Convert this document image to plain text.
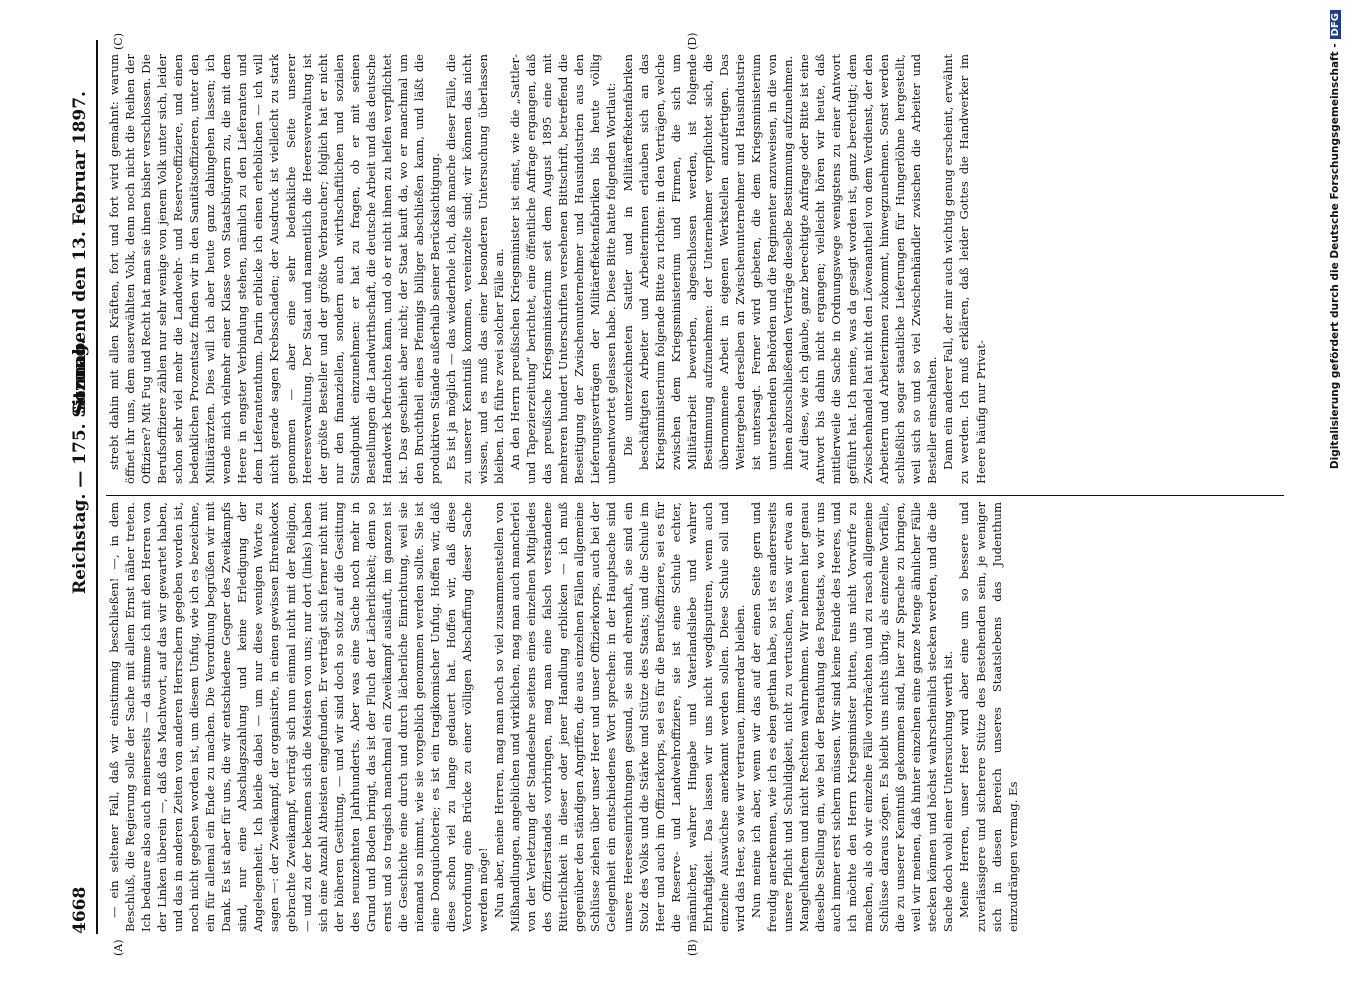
4668
Reichstag. — 175. Sitzung.
Sonnabend den 13. Februar 1897.
(A)	(B)
(C)	(D)

— ein seltener Fall, daß wir einstimmig beschließen! —, in dem Beschluß, die Regierung solle der Sache mit allem Ernst näher treten. Ich bedaure also auch meinerseits — da stimme ich mit den Herren von der Linken überein —, daß das Machtwort, auf das wir gewartet haben, und das in anderen Zeiten von anderen Herrschern gegeben worden ist, noch nicht gegeben worden ist, um diesem Unfug, wie ich es bezeichne, ein für allemal ein Ende zu machen. Die Verordnung begrüßen wir mit Dank. Es ist aber für uns, die wir entschiedene Gegner des Zweikampfs sind, nur eine Abschlagszahlung und keine Erledigung der Angelegenheit. Ich bleibe dabei — um nur diese wenigen Worte zu sagen —: der Zweikampf, der organisirte, in einen gewissen Ehrenkodex gebrachte Zweikampf, verträgt sich nun einmal nicht mit der Religion, — und zu der bekennen sich die Meisten von uns; nur dort (links) haben sich eine Anzahl Atheisten eingefunden. Er verträgt sich ferner nicht mit der höheren Gesittung, — und wir sind doch so stolz auf die Gesittung des neunzehnten Jahrhunderts. Aber was eine Sache noch mehr in Grund und Boden bringt, das ist der Fluch der Lächerlichkeit; denn so ernst und so tragisch manchmal ein Zweikampf ausläuft, im ganzen ist die Geschichte eine durch und durch lächerliche Einrichtung, weil sie niemand so nimmt, wie sie vorgeblich genommen werden sollte. Sie ist eine Donquichoterie; es ist ein tragikomischer Unfug. Hoffen wir, daß diese schon viel zu lange gedauert hat. Hoffen wir, daß diese Verordnung eine Brücke zu einer völligen Abschaffung dieser Sache werden möge! Nun aber, meine Herren, mag man noch so viel zusammenstellen von Mißhandlungen, angeblichen und wirklichen, mag man auch mancherlei von der Verletzung der Standesehre seitens eines einzelnen Mitgliedes des Offizierstandes vorbringen, mag man eine falsch verstandene Ritterlichkeit in dieser oder jener Handlung erblicken — ich muß gegenüber den ständigen Angriffen, die aus einzelnen Fällen allgemeine Schlüsse ziehen über unser Heer und unser Offizierkorps, auch bei der Gelegenheit ein entschiedenes Wort sprechen: in der Hauptsache sind unsere Heereseinrichtungen gesund, sie sind ehrenhaft, sie sind ein Stolz des Volks und die Stärke und Stütze des Staats; und die Schule im Heer und auch im Offizierkorps, sei es für die Berufsoffiziere, sei es für die Reserve- und Landwehroffiziere, sie ist eine Schule echter, männlicher, wahrer Hingabe und Vaterlandsliebe und wahrer Ehrhaftigkeit. Das lassen wir uns nicht wegdisputiren, wenn auch einzelne Auswüchse anerkannt werden sollen. Diese Schule soll und wird das Heer, so wie wir vertrauen, immerdar bleiben. Nun meine ich aber, wenn wir das auf der einen Seite gern und freudig anerkennen, wie ich es eben gethan habe, so ist es andererseits unsere Pflicht und Schuldigkeit, nicht zu vertuschen, was wir etwa an Mangelhaftem und nicht Rechtem wahrnehmen. Wir nehmen hier genau dieselbe Stellung ein, wie bei der Berathung des Postetats, wo wir uns auch immer erst sichern müssen. Wir sind keine Feinde des Heeres, und ich möchte den Herrn Kriegsminister bitten, uns nicht Vorwürfe zu machen, als ob wir einzelne Fälle vorbrächten und zu rasch allgemeine Schlüsse daraus zögen. Es bleibt uns nichts übrig, als einzelne Vorfälle, die zu unserer Kenntniß gekommen sind, hier zur Sprache zu bringen, weil wir meinen, daß hinter einzelnen eine ganze Menge ähnlicher Fälle stecken können und höchst wahrscheinlich stecken werden, und die die Sache doch wohl einer Untersuchung werth ist. Meine Herren, unser Heer wird aber eine um so bessere und zuverlässigere und sicherere Stütze des Bestehenden sein, je weniger sich in diesen Bereich unseres Staatslebens das Judenthum einzudrängen vermag. Es

strebt dahin mit allen Kräften, fort und fort wird gemahnt: warum öffnet ihr uns, dem auserwählten Volk, denn noch nicht die Reihen der Offiziere? Mit Fug und Recht hat man sie ihnen bisher verschlossen. Die Berufsoffiziere zählen nur sehr wenige von jenem Volk unter sich, leider schon sehr viel mehr die Landwehr- und Reserveoffiziere, und einen bedenklichen Prozentsatz finden wir in den Sanitätsoffizieren, unter den Militärärzten. Dies will ich aber heute ganz dahingehen lassen; ich wende mich vielmehr einer Klasse von Staatsbürgern zu, die mit dem Heere in engster Verbindung stehen, nämlich zu den Lieferanten und dem Lieferantenthum. Darin erblicke ich einen erheblichen — ich will nicht gerade sagen Krebsschaden; der Ausdruck ist vielleicht zu stark genommen — aber eine sehr bedenkliche Seite unserer Heeresverwaltung. Der Staat und namentlich die Heeresverwaltung ist der größte Besteller und der größte Verbraucher; folglich hat er nicht nur den finanziellen, sondern auch wirthschaftlichen und sozialen Standpunkt einzunehmen: er hat zu fragen, ob er mit seinen Bestellungen die Landwirthschaft, die deutsche Arbeit und das deutsche Handwerk befruchten kann, und ob er nicht ihnen zu helfen verpflichtet ist. Das geschieht aber nicht; der Staat kauft da, wo er manchmal um den Bruchtheil eines Pfennigs billiger abschließen kann, und läßt die produktiven Stände außerhalb seiner Berücksichtigung. Es ist ja möglich — das wiederhole ich, daß manche dieser Fälle, die zu unserer Kenntniß kommen, vereinzelte sind; wir können das nicht wissen, und es muß das einer besonderen Untersuchung überlassen bleiben. Ich führe zwei solcher Fälle an. An den Herrn preußischen Kriegsminister ist einst, wie die „Sattler- und Tapezierzeitung“ berichtet, eine öffentliche Anfrage ergangen, daß das preußische Kriegsministerium seit dem August 1895 eine mit mehreren hundert Unterschriften versehenen Bittschrift, betreffend die Beseitigung der Zwischenunternehmer und Hausindustrien aus den Lieferungsverträgen der Militäreffektenfabriken bis heute völlig unbeantwortet gelassen habe. Diese Bitte hatte folgenden Wortlaut: Die unterzeichneten Sattler und in Militäreffektenfabriken beschäftigten Arbeiter und Arbeiterinnen erlauben sich an das Kriegsministerium folgende Bitte zu richten: in den Verträgen, welche zwischen dem Kriegsministerium und Firmen, die sich um Militärarbeit bewerben, abgeschlossen werden, ist folgende Bestimmung aufzunehmen: der Unternehmer verpflichtet sich, die übernommene Arbeit in eigenen Werkstellen anzufertigen. Das Weitergeben derselben an Zwischenunternehmer und Hausindustrie ist untersagt. Ferner wird gebeten, die dem Kriegsministerium unterstehenden Behörden und die Regimenter anzuweisen, in die von ihnen abzuschließenden Verträge dieselbe Bestimmung aufzunehmen. Auf diese, wie ich glaube, ganz berechtigte Anfrage oder Bitte ist eine Antwort bis dahin nicht ergangen; vielleicht hören wir heute, daß mittlerweile die Sache in Ordnungswege wenigstens zu einer Antwort geführt hat. Ich meine, was da gesagt worden ist, ganz berechtigt; dem Zwischenhandel hat nicht den Löwenantheil von dem Verdienst, der den Arbeitern und Arbeiterinnen zukommt, hinwegzunehmen. Sonst werden schließlich sogar staatliche Lieferungen für Hungerlöhne hergestellt, weil sich so und so viel Zwischenhändler zwischen die Arbeiter und Besteller einschalten. Dann ein anderer Fall, der mir auch wichtig genug erscheint, erwähnt zu werden. Ich muß erklären, daß leider Gottes die Handwerker im Heere häufig nur Privat-	Digitalisierung gefördert durch die Deutsche Forschungsgemeinschaft -DFG
